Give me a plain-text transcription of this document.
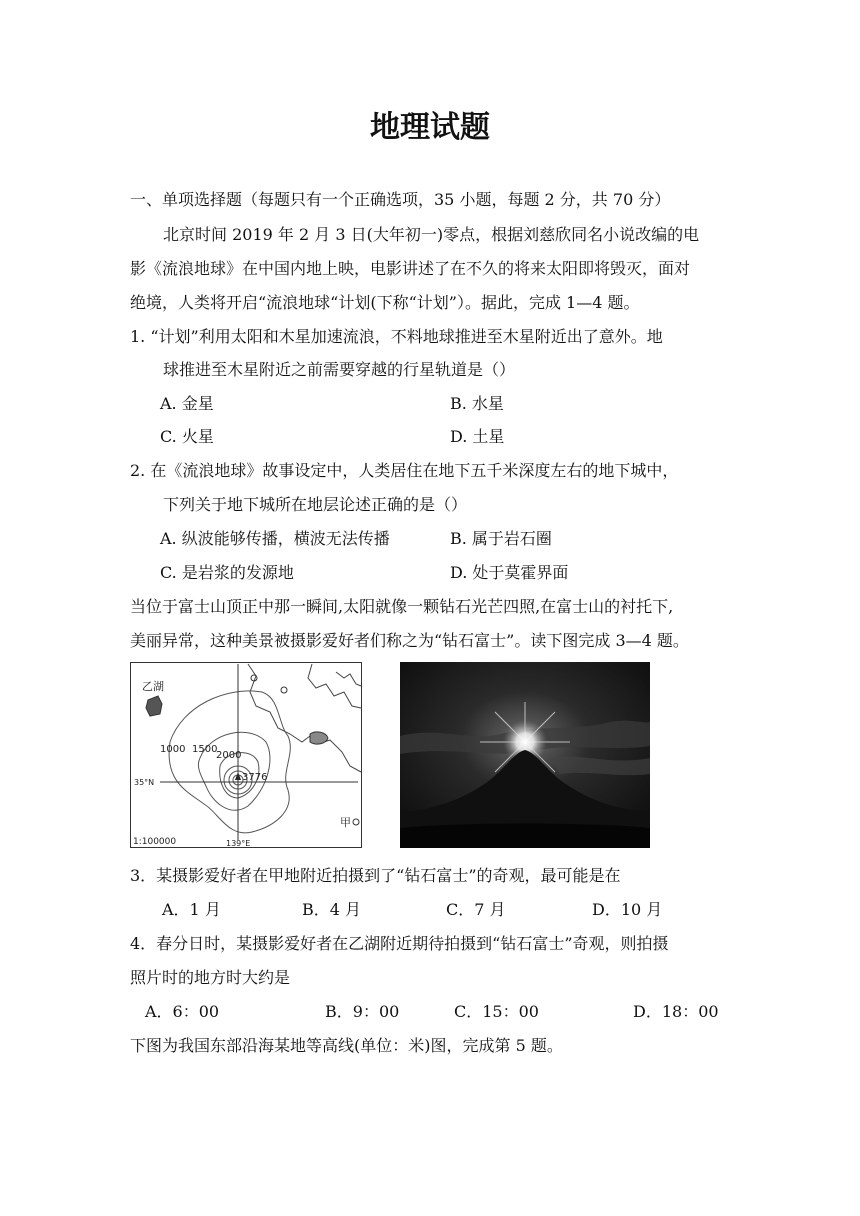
地理试题
一、单项选择题（每题只有一个正确选项，35 小题，每题 2 分，共 70 分）
北京时间 2019 年 2 月 3 日(大年初一)零点，根据刘慈欣同名小说改编的电
影《流浪地球》在中国内地上映，电影讲述了在不久的将来太阳即将毁灭，面对
绝境，人类将开启“流浪地球“计划(下称“计划”）。据此，完成 1—4 题。
1. “计划”利用太阳和木星加速流浪，不料地球推进至木星附近出了意外。地
球推进至木星附近之前需要穿越的行星轨道是（）
A. 金星	B. 水星
C. 火星	D. 土星
2. 在《流浪地球》故事设定中，人类居住在地下五千米深度左右的地下城中，
下列关于地下城所在地层论述正确的是（）
A. 纵波能够传播，横波无法传播	B. 属于岩石圈
C. 是岩浆的发源地	D. 处于莫霍界面
当位于富士山顶正中那一瞬间,太阳就像一颗钻石光芒四照,在富士山的衬托下,
美丽异常，这种美景被摄影爱好者们称之为“钻石富士”。读下图完成 3—4 题。
乙湖
1000 1500
2000
3776
35°N
139°E
甲
1:100000
3．某摄影爱好者在甲地附近拍摄到了“钻石富士”的奇观，最可能是在
A．1 月	B．4 月	C．7 月	D．10 月
4．春分日时，某摄影爱好者在乙湖附近期待拍摄到“钻石富士”奇观，则拍摄
照片时的地方时大约是
A．6：00	B．9：00	C．15：00	D．18：00
下图为我国东部沿海某地等高线(单位：米)图，完成第 5 题。
